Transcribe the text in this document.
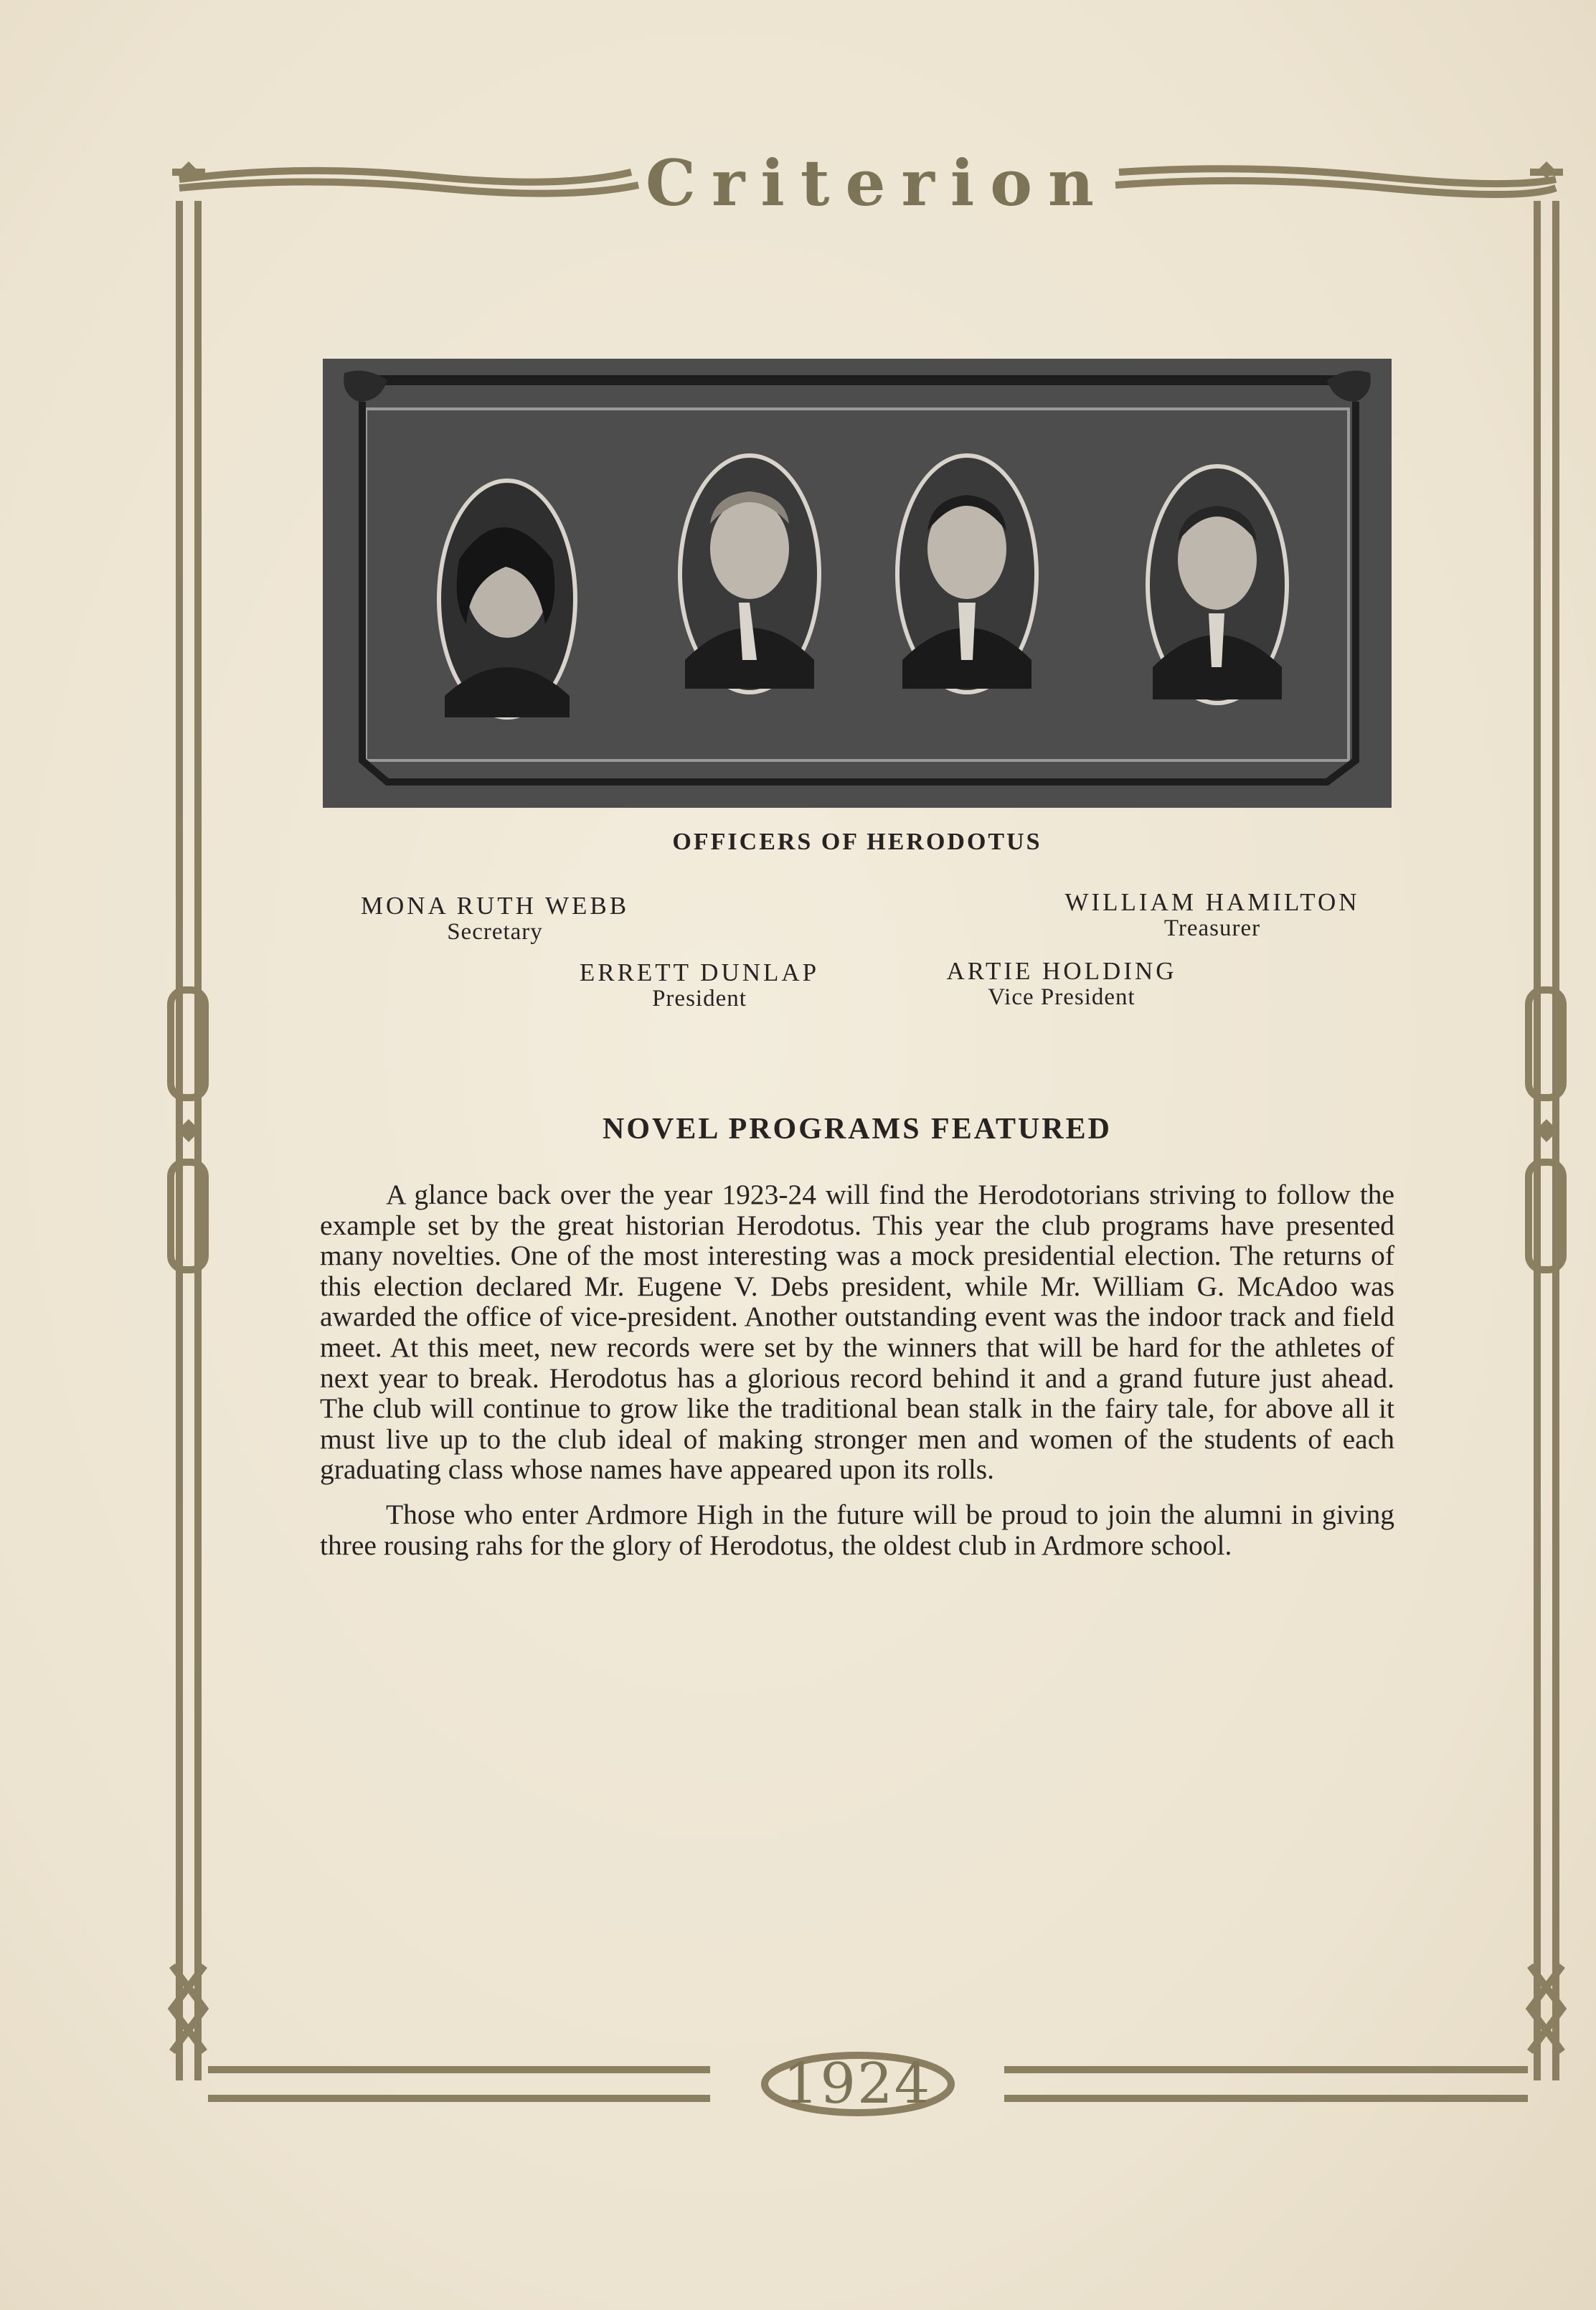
Criterion
1924
OFFICERS OF HERODOTUS
MONA RUTH WEBB
Secretary
WILLIAM HAMILTON
Treasurer
ERRETT DUNLAP
President
ARTIE HOLDING
Vice President
NOVEL PROGRAMS FEATURED

A glance back over the year 1923-24 will find the Herodotorians striving to follow the example set by the great historian Herodotus. This year the club programs have presented many novelties. One of the most interesting was a mock presidential election. The returns of this election declared Mr. Eugene V. Debs president, while Mr. William G. McAdoo was awarded the office of vice-president. Another outstanding event was the indoor track and field meet. At this meet, new records were set by the winners that will be hard for the athletes of next year to break. Herodotus has a glorious record behind it and a grand future just ahead. The club will continue to grow like the traditional bean stalk in the fairy tale, for above all it must live up to the club ideal of making stronger men and women of the students of each graduating class whose names have appeared upon its rolls.

Those who enter Ardmore High in the future will be proud to join the alumni in giving three rousing rahs for the glory of Herodotus, the oldest club in Ardmore school.
